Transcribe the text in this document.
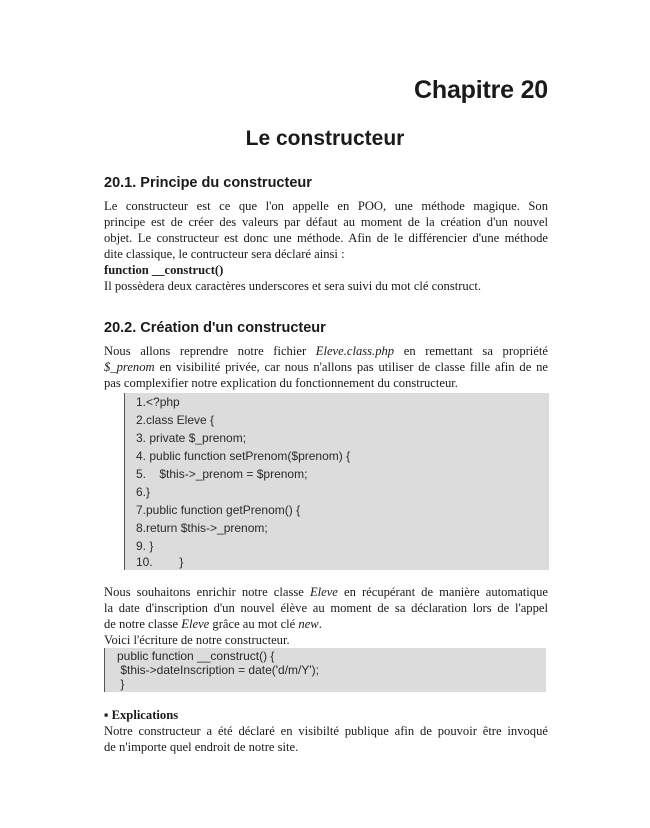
Chapitre 20
Le constructeur
20.1. Principe du constructeur
Le constructeur est ce que l'on appelle en POO, une méthode magique. Son
principe est de créer des valeurs par défaut au moment de la création d'un nouvel
objet. Le constructeur est donc une méthode. Afin de le différencier d'une méthode
dite classique, le contructeur sera déclaré ainsi :
function __construct()
Il possèdera deux caractères underscores et sera suivi du mot clé construct.
20.2. Création d'un constructeur
Nous allons reprendre notre fichier Eleve.class.php en remettant sa propriété
$_prenom en visibilité privée, car nous n'allons pas utiliser de classe fille afin de ne
pas complexifier notre explication du fonctionnement du constructeur.
1.<?php
2.class Eleve {
3. private $_prenom;
4. public function setPrenom($prenom) {
5.    $this->_prenom = $prenom;
6.}
7.public function getPrenom() {
8.return $this->_prenom;
9. }
10.        }
Nous souhaitons enrichir notre classe Eleve en récupérant de manière automatique
la date d'inscription d'un nouvel élève au moment de sa déclaration lors de l'appel
de notre classe Eleve grâce au mot clé new.
Voici l'écriture de notre constructeur.
public function __construct() {
$this->dateInscription = date('d/m/Y');
}
▪ Explications
Notre constructeur a été déclaré en visibilté publique afin de pouvoir être invoqué
de n'importe quel endroit de notre site.
